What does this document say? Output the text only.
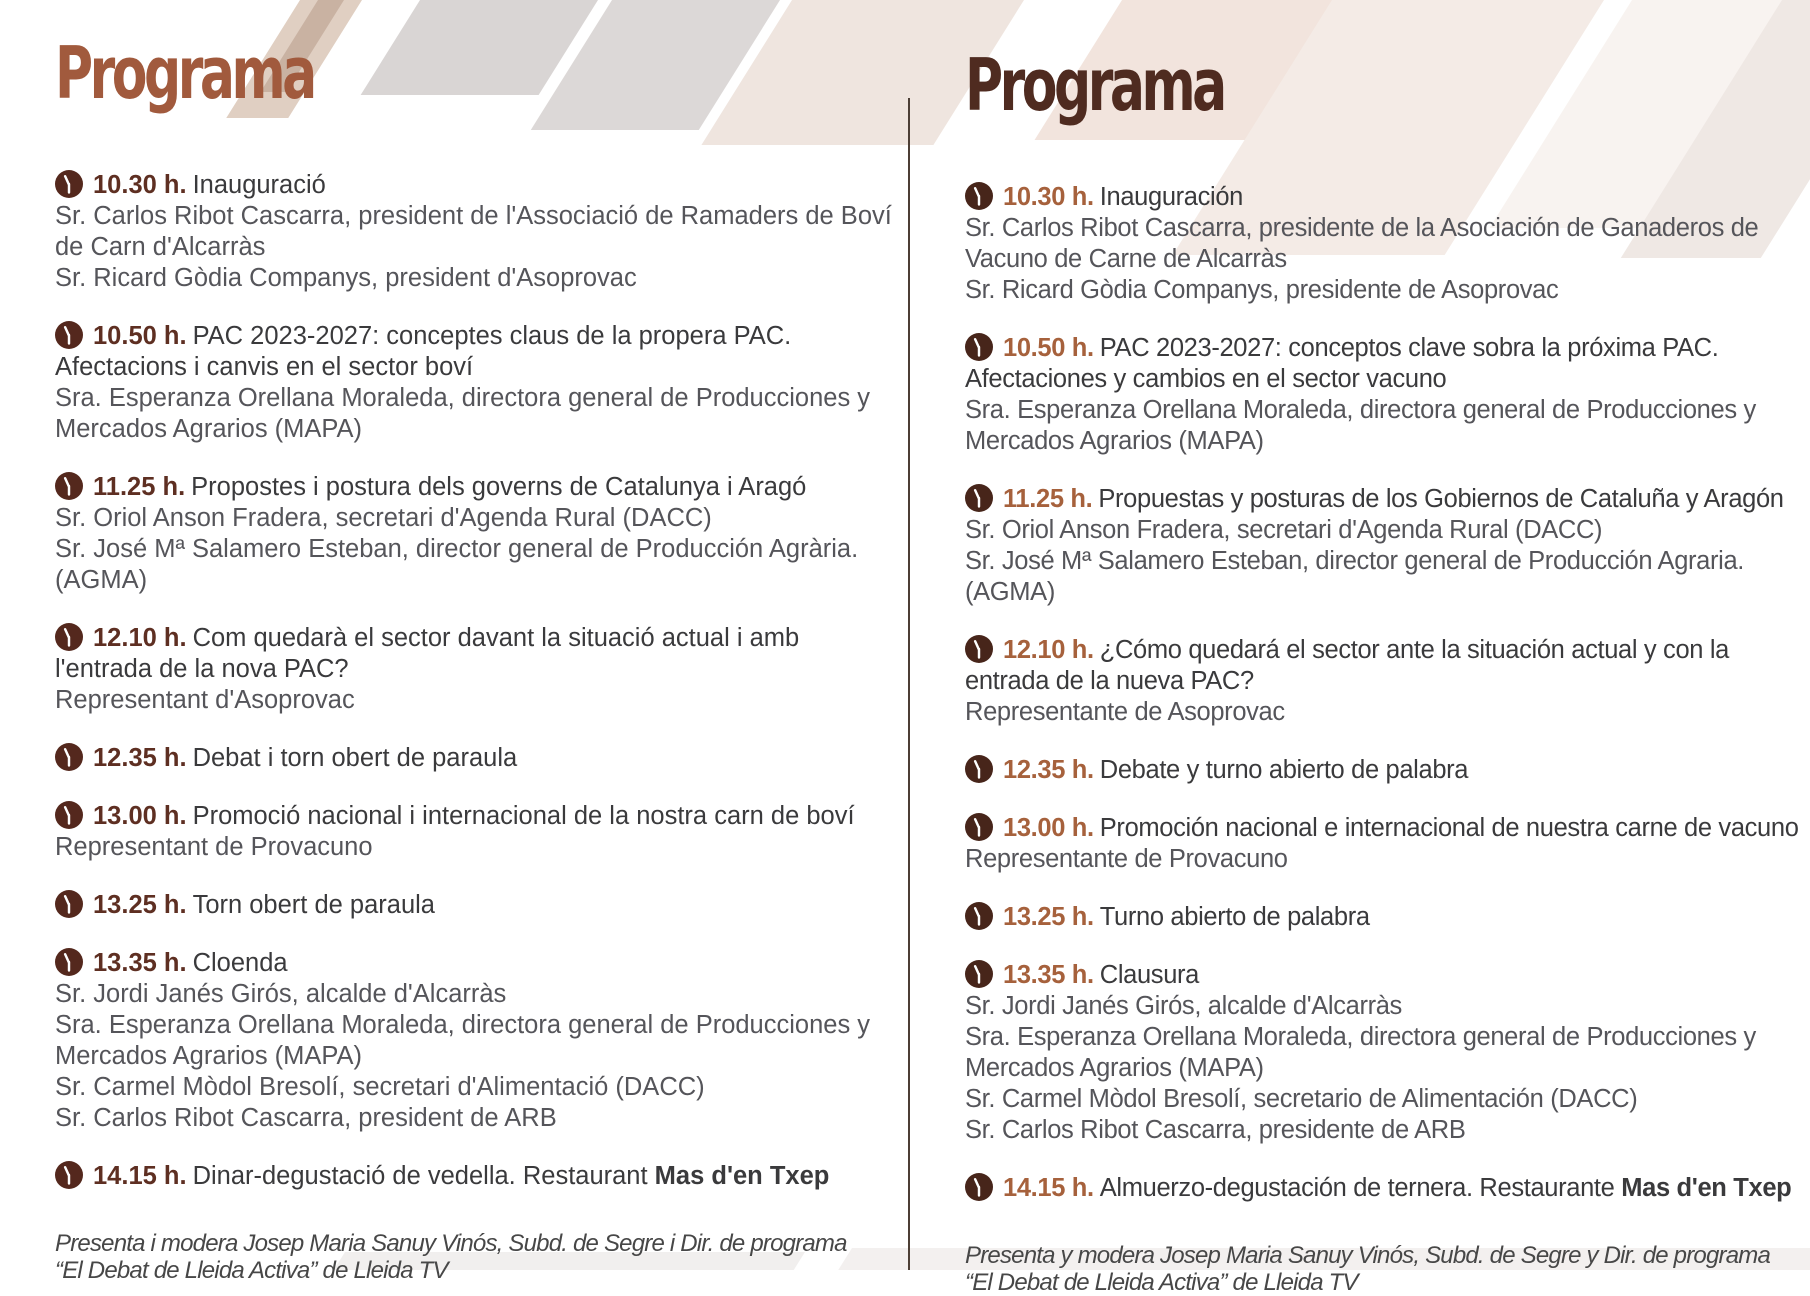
Programa
10.30 h. Inauguració
Sr. Carlos Ribot Cascarra, president de l'Associació de Ramaders de Boví
de Carn d'Alcarràs
Sr. Ricard Gòdia Companys, president d'Asoprovac
10.50 h. PAC 2023-2027: conceptes claus de la propera PAC. Afectacions i canvis en el sector boví
Sra. Esperanza Orellana Moraleda, directora general de Producciones y
Mercados Agrarios (MAPA)
11.25 h. Propostes i postura dels governs de Catalunya i Aragó
Sr. Oriol Anson Fradera, secretari d'Agenda Rural (DACC)
Sr. José Mª Salamero Esteban, director general de Producción Agrària.
(AGMA)
12.10 h. Com quedarà el sector davant la situació actual i amb l'entrada de la nova PAC?
Representant d'Asoprovac
12.35 h. Debat i torn obert de paraula
13.00 h. Promoció nacional i internacional de la nostra carn de boví
Representant de Provacuno
13.25 h. Torn obert de paraula
13.35 h. Cloenda
Sr. Jordi Janés Girós, alcalde d'Alcarràs
Sra. Esperanza Orellana Moraleda, directora general de Producciones y
Mercados Agrarios (MAPA)
Sr. Carmel Mòdol Bresolí, secretari d'Alimentació (DACC)
Sr. Carlos Ribot Cascarra, president de ARB
14.15 h. Dinar-degustació de vedella. Restaurant Mas d'en Txep
Presenta i modera Josep Maria Sanuy Vinós, Subd. de Segre i Dir. de programa
“El Debat de Lleida Activa” de Lleida TV
Programa
10.30 h. Inauguración
Sr. Carlos Ribot Cascarra, presidente de la Asociación de Ganaderos de
Vacuno de Carne de Alcarràs
Sr. Ricard Gòdia Companys, presidente de Asoprovac
10.50 h. PAC 2023-2027: conceptos clave sobra la próxima PAC. Afectaciones y cambios en el sector vacuno
Sra. Esperanza Orellana Moraleda, directora general de Producciones y
Mercados Agrarios (MAPA)
11.25 h. Propuestas y posturas de los Gobiernos de Cataluña y Aragón
Sr. Oriol Anson Fradera, secretari d'Agenda Rural (DACC)
Sr. José Mª Salamero Esteban, director general de Producción Agraria.
(AGMA)
12.10 h. ¿Cómo quedará el sector ante la situación actual y con la entrada de la nueva PAC?
Representante de Asoprovac
12.35 h. Debate y turno abierto de palabra
13.00 h. Promoción nacional e internacional de nuestra carne de vacuno
Representante de Provacuno
13.25 h. Turno abierto de palabra
13.35 h. Clausura
Sr. Jordi Janés Girós, alcalde d'Alcarràs
Sra. Esperanza Orellana Moraleda, directora general de Producciones y
Mercados Agrarios (MAPA)
Sr. Carmel Mòdol Bresolí, secretario de Alimentación (DACC)
Sr. Carlos Ribot Cascarra, presidente de ARB
14.15 h. Almuerzo-degustación de ternera. Restaurante Mas d'en Txep
Presenta y modera Josep Maria Sanuy Vinós, Subd. de Segre y Dir. de programa
“El Debat de Lleida Activa” de Lleida TV
